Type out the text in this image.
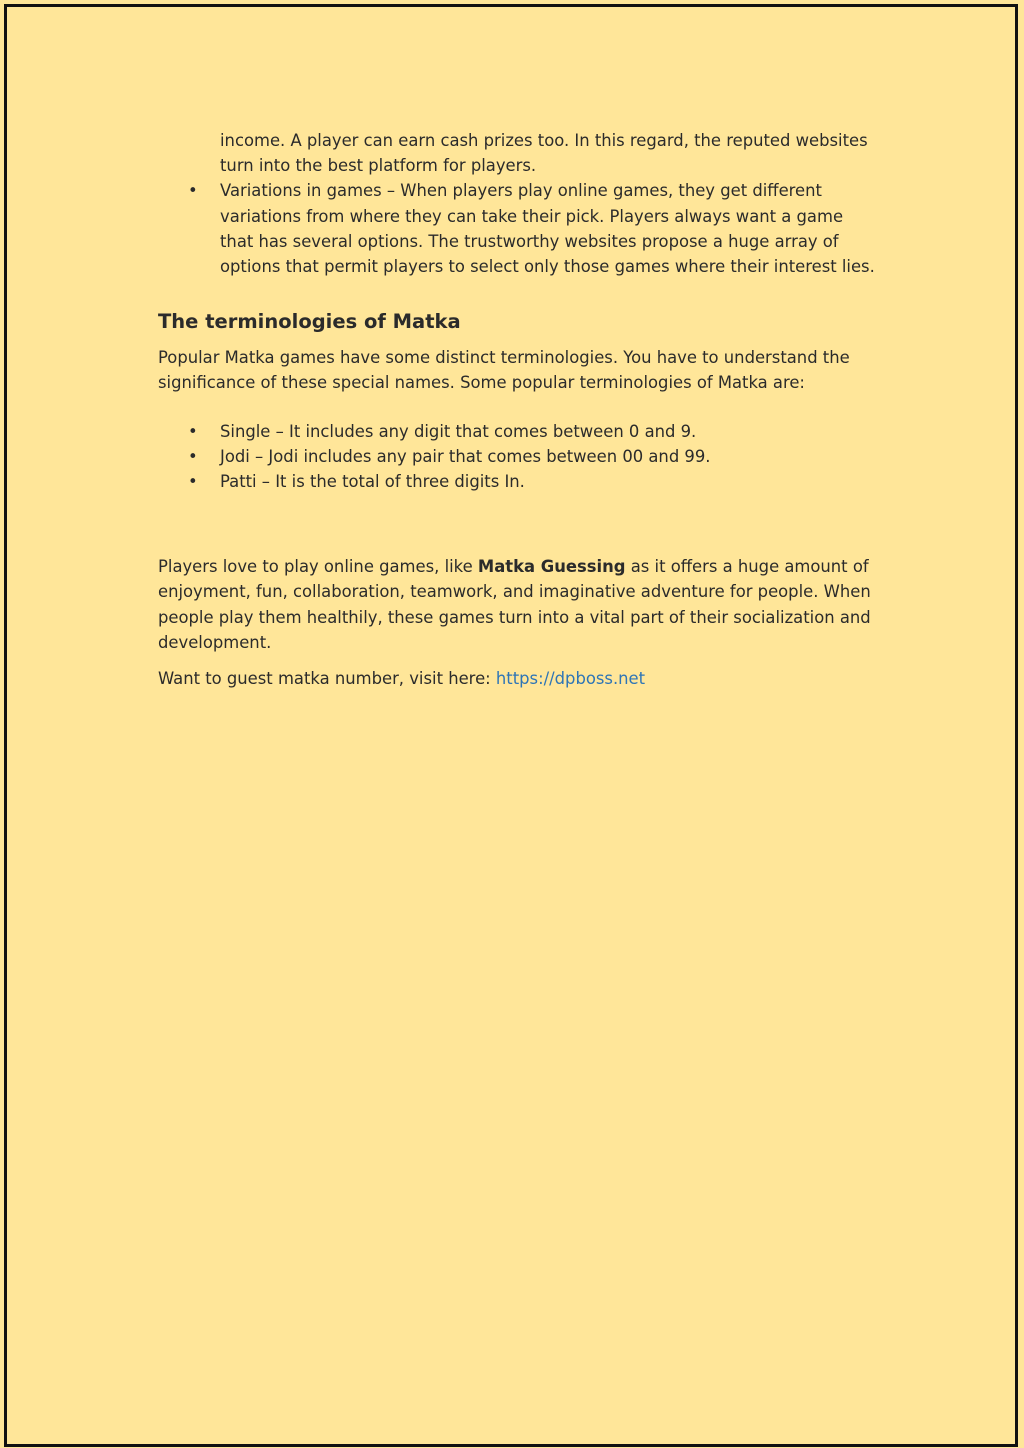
income. A player can earn cash prizes too. In this regard, the reputed websites turn into the best platform for players.
• Variations in games – When players play online games, they get different variations from where they can take their pick. Players always want a game that has several options. The trustworthy websites propose a huge array of options that permit players to select only those games where their interest lies.
The terminologies of Matka

Popular Matka games have some distinct terminologies. You have to understand the significance of these special names. Some popular terminologies of Matka are:

• Single – It includes any digit that comes between 0 and 9.
• Jodi – Jodi includes any pair that comes between 00 and 99.
• Patti – It is the total of three digits In.

Players love to play online games, like Matka Guessing as it offers a huge amount of enjoyment, fun, collaboration, teamwork, and imaginative adventure for people. When people play them healthily, these games turn into a vital part of their socialization and development.

Want to guest matka number, visit here: https://dpboss.net
